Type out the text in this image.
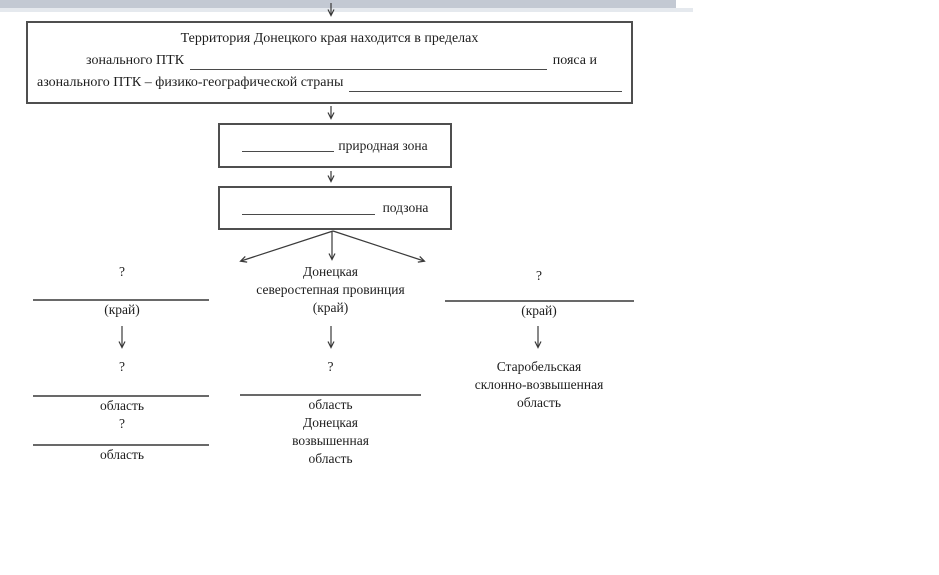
Территория Донецкого края находится в пределах
зонального ПТК	пояса и
азонального ПТК – физико-географической страны
природная зона
подзона
?
(край)
?
область
?
область
Донецкая
северостепная провинция
(край)
?
область
Донецкая
возвышенная
область
?
(край)
Старобельская
склонно-возвышенная
область
